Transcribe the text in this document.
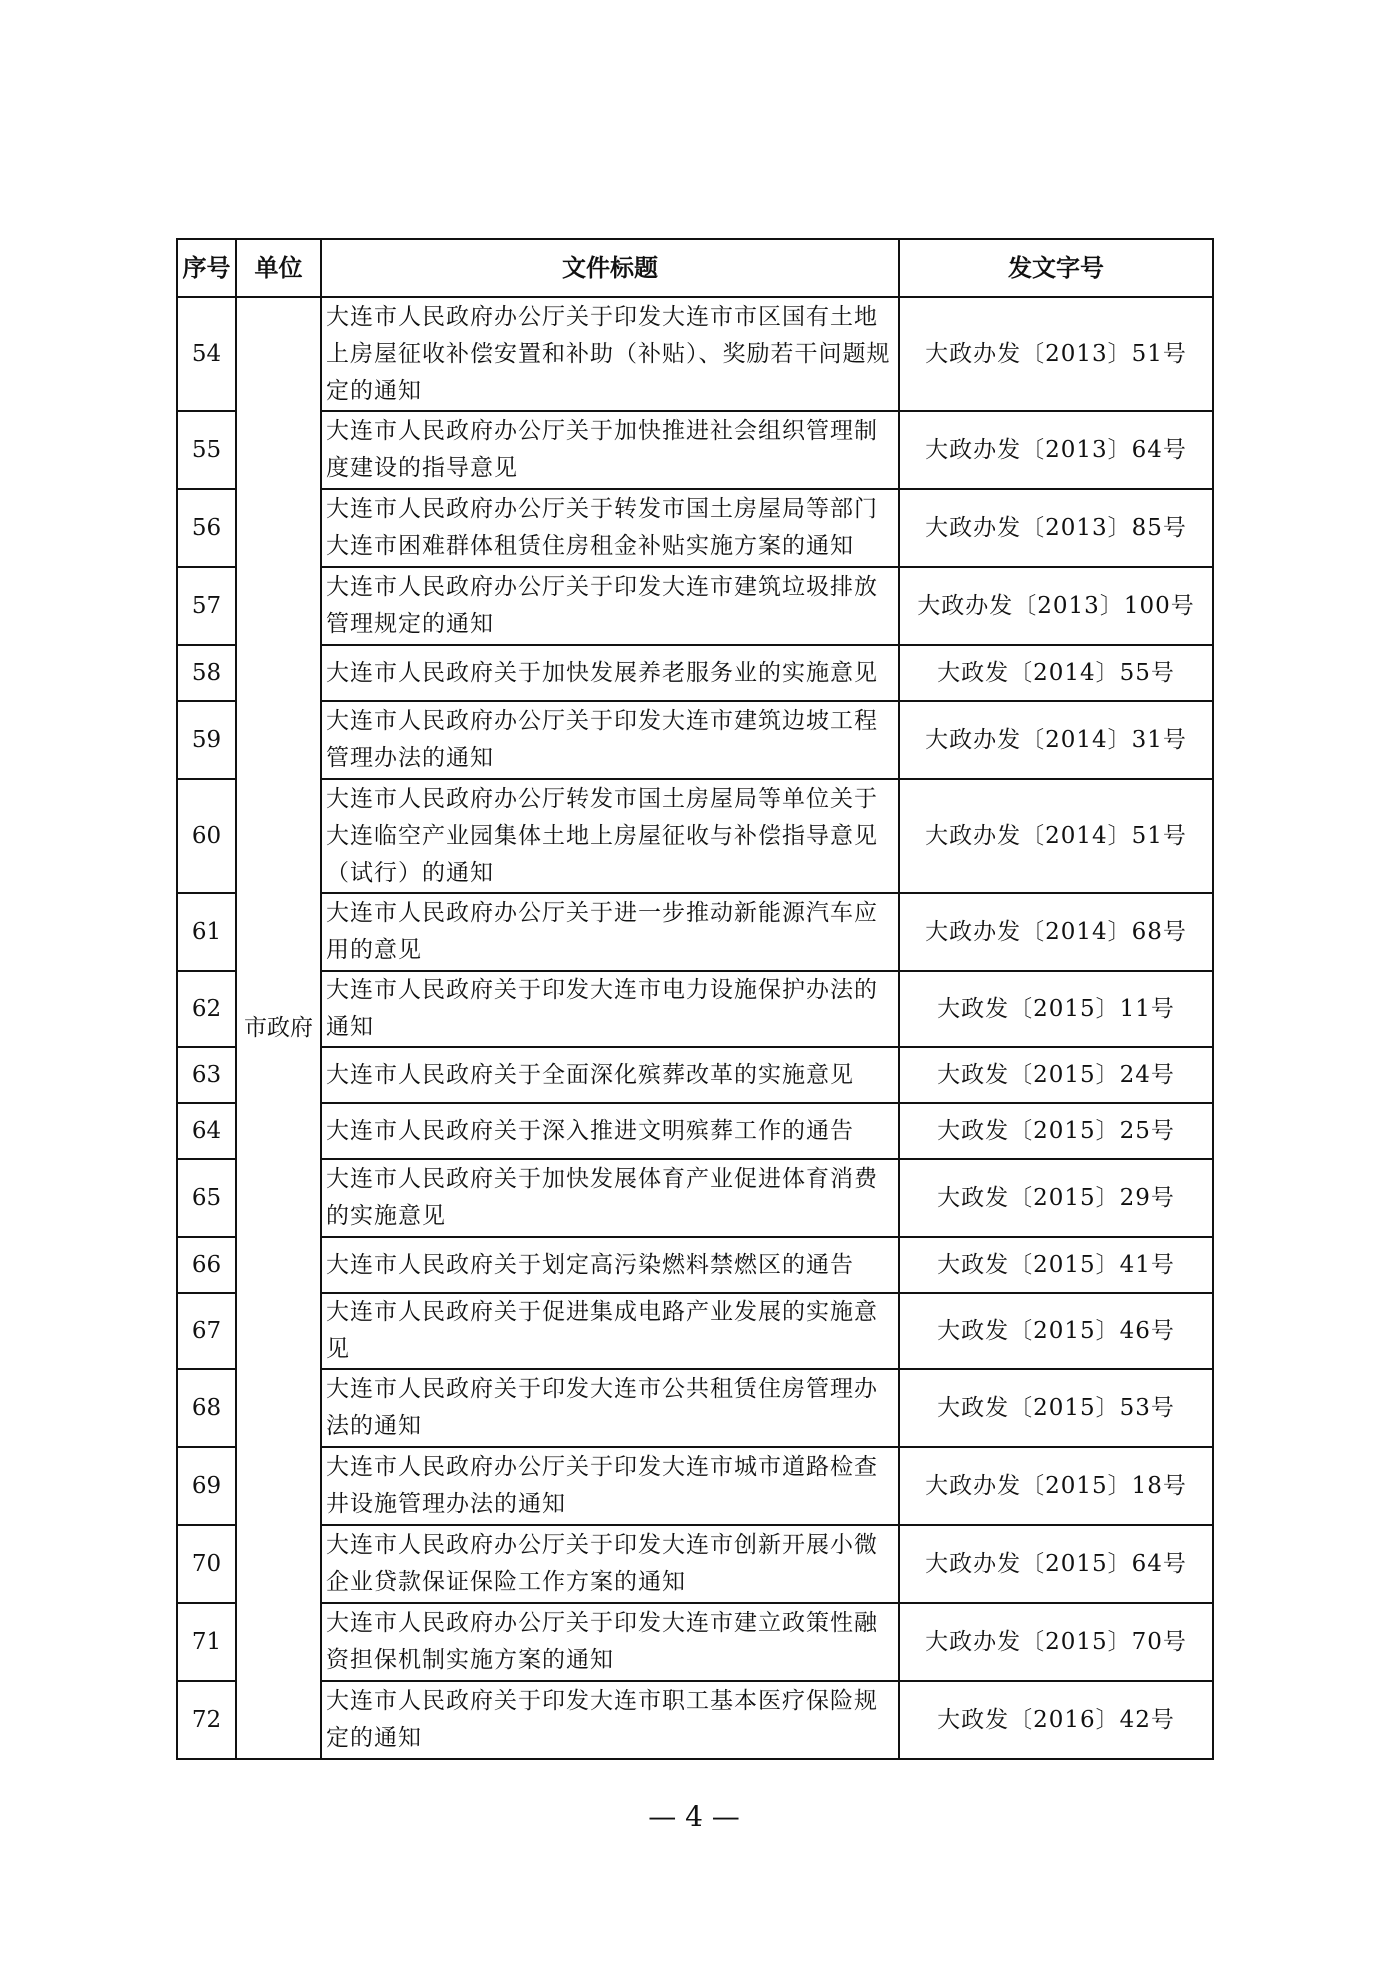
序号	单位	文件标题	发文字号
54	市政府	大连市人民政府办公厅关于印发大连市市区国有土地上房屋征收补偿安置和补助（补贴）、奖励若干问题规定的通知	大政办发〔2013〕51号
55		大连市人民政府办公厅关于加快推进社会组织管理制度建设的指导意见	大政办发〔2013〕64号
56		大连市人民政府办公厅关于转发市国土房屋局等部门大连市困难群体租赁住房租金补贴实施方案的通知	大政办发〔2013〕85号
57		大连市人民政府办公厅关于印发大连市建筑垃圾排放管理规定的通知	大政办发〔2013〕100号
58		大连市人民政府关于加快发展养老服务业的实施意见	大政发〔2014〕55号
59		大连市人民政府办公厅关于印发大连市建筑边坡工程管理办法的通知	大政办发〔2014〕31号
60		大连市人民政府办公厅转发市国土房屋局等单位关于大连临空产业园集体土地上房屋征收与补偿指导意见（试行）的通知	大政办发〔2014〕51号
61		大连市人民政府办公厅关于进一步推动新能源汽车应用的意见	大政办发〔2014〕68号
62		大连市人民政府关于印发大连市电力设施保护办法的通知	大政发〔2015〕11号
63		大连市人民政府关于全面深化殡葬改革的实施意见	大政发〔2015〕24号
64		大连市人民政府关于深入推进文明殡葬工作的通告	大政发〔2015〕25号
65		大连市人民政府关于加快发展体育产业促进体育消费的实施意见	大政发〔2015〕29号
66		大连市人民政府关于划定高污染燃料禁燃区的通告	大政发〔2015〕41号
67		大连市人民政府关于促进集成电路产业发展的实施意见	大政发〔2015〕46号
68		大连市人民政府关于印发大连市公共租赁住房管理办法的通知	大政发〔2015〕53号
69		大连市人民政府办公厅关于印发大连市城市道路检查井设施管理办法的通知	大政办发〔2015〕18号
70		大连市人民政府办公厅关于印发大连市创新开展小微企业贷款保证保险工作方案的通知	大政办发〔2015〕64号
71		大连市人民政府办公厅关于印发大连市建立政策性融资担保机制实施方案的通知	大政办发〔2015〕70号
72		大连市人民政府关于印发大连市职工基本医疗保险规定的通知	大政发〔2016〕42号
— 4 —
